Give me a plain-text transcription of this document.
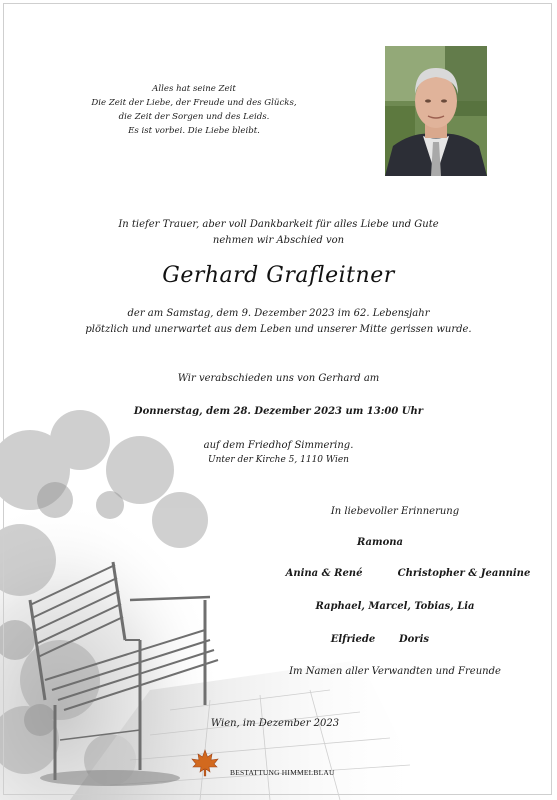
Alles hat seine Zeit
Die Zeit der Liebe, der Freude und des Glücks,
die Zeit der Sorgen und des Leids.
Es ist vorbei. Die Liebe bleibt.
In tiefer Trauer, aber voll Dankbarkeit für alles Liebe und Gute
nehmen wir Abschied von
Gerhard Grafleitner
der am Samstag, dem 9. Dezember 2023 im 62. Lebensjahr
plötzlich und unerwartet aus dem Leben und unserer Mitte gerissen wurde.
Wir verabschieden uns von Gerhard am
Donnerstag, dem 28. Dezember 2023 um 13:00 Uhr
auf dem Friedhof Simmering.
Unter der Kirche 5, 1110 Wien
In liebevoller Erinnerung
Ramona
Anina & René	Christopher & Jeannine
Raphael, Marcel, Tobias, Lia
Elfriede	Doris
Im Namen aller Verwandten und Freunde
Wien, im Dezember 2023
BESTATTUNG HIMMELBLAU
